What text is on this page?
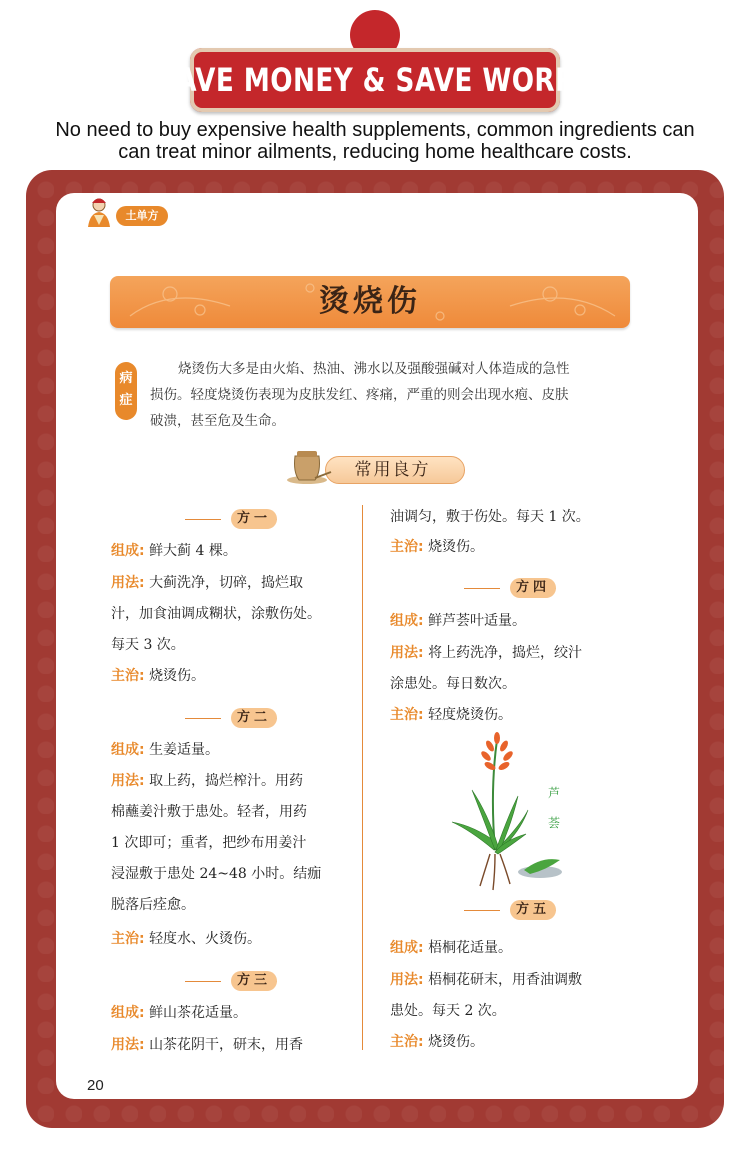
SAVE MONEY & SAVE WORRY
No need to buy expensive health supplements, common ingredients can
can treat minor ailments, reducing home healthcare costs.
土单方
烫烧伤
病症
烧烫伤大多是由火焰、热油、沸水以及强酸强碱对人体造成的急性
损伤。轻度烧烫伤表现为皮肤发红、疼痛，严重的则会出现水疱、皮肤
破溃，甚至危及生命。
常用良方
方一
组成: 鲜大蓟 4 棵。
用法: 大蓟洗净，切碎，捣烂取
汁，加食油调成糊状，涂敷伤处。
每天 3 次。
主治: 烧烫伤。
方二
组成: 生姜适量。
用法: 取上药，捣烂榨汁。用药
棉蘸姜汁敷于患处。轻者，用药
1 次即可；重者，把纱布用姜汁
浸湿敷于患处 24~48 小时。结痂
脱落后痊愈。
主治: 轻度水、火烫伤。
方三
组成: 鲜山茶花适量。
用法: 山茶花阴干，研末，用香
油调匀，敷于伤处。每天 1 次。
主治: 烧烫伤。
方四
组成: 鲜芦荟叶适量。
用法: 将上药洗净，捣烂，绞汁
涂患处。每日数次。
主治: 轻度烧烫伤。
芦
荟
方五
组成: 梧桐花适量。
用法: 梧桐花研末，用香油调敷
患处。每天 2 次。
主治: 烧烫伤。
20
